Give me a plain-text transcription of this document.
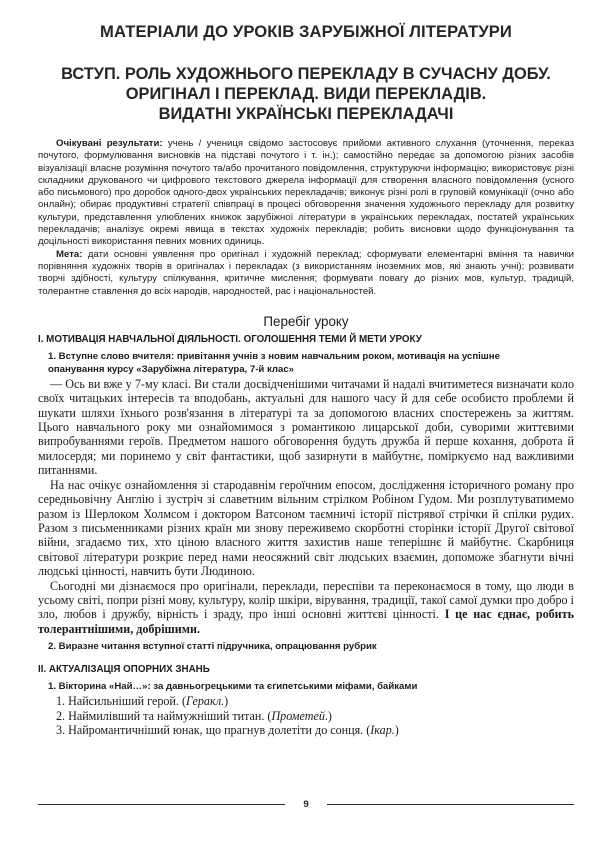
МАТЕРІАЛИ ДО УРОКІВ ЗАРУБІЖНОЇ ЛІТЕРАТУРИ
ВСТУП. РОЛЬ ХУДОЖНЬОГО ПЕРЕКЛАДУ В СУЧАСНУ ДОБУ.
ОРИГІНАЛ І ПЕРЕКЛАД. ВИДИ ПЕРЕКЛАДІВ.
ВИДАТНІ УКРАЇНСЬКІ ПЕРЕКЛАДАЧІ

Очікувані результати: учень / учениця свідомо застосовує прийоми активного слухання (уточнення, переказ почутого, формулювання висновків на підставі почутого і т. ін.); самостійно передає за допомогою різних засобів візуалізації власне розуміння почутого та/або прочитаного повідомлення, структуруючи інформацію; використовує різні складники друкованого чи цифрового текстового джерела інформації для створення власного повідомлення (усного або письмового) про доробок одного-двох українських перекладачів; виконує різні ролі в груповій комунікації (очно або онлайн); обирає продуктивні стратегії співпраці в процесі обговорення значення художнього перекладу для розвитку культури, представлення улюблених книжок зарубіжної літератури в українських перекладах, постатей українських перекладачів; аналізує окремі явища в текстах художніх перекладів; робить висновки щодо функціонування та доцільності використання певних мовних одиниць.

Мета: дати основні уявлення про оригінал і художній переклад; сформувати елементарні вміння та навички порівняння художніх творів в оригіналах і перекладах (з використанням іноземних мов, які знають учні); розвивати творчі здібності, культуру спілкування, критичне мислення; формувати повагу до різних мов, культур, традицій, толерантне ставлення до всіх народів, народностей, рас і національностей.

Перебіг уроку
I. МОТИВАЦІЯ НАВЧАЛЬНОЇ ДІЯЛЬНОСТІ. ОГОЛОШЕННЯ ТЕМИ Й МЕТИ УРОКУ
1. Вступне слово вчителя: привітання учнів з новим навчальним роком, мотивація на успішне
опанування курсу «Зарубіжна література, 7-й клас»

— Ось ви вже у 7-му класі. Ви стали досвідченішими читачами й надалі вчитиметеся визначати коло своїх читацьких інтересів та вподобань, актуальні для нашого часу й для себе особисто проблеми й шукати шляхи їхнього розв'язання в літературі та за допомогою власних спостережень за життям. Цього навчального року ми ознайомимося з романтикою лицарської доби, суворими життєвими випробуваннями героїв. Предметом нашого обговорення будуть дружба й перше кохання, доброта й милосердя; ми поринемо у світ фантастики, щоб зазирнути в майбутнє, поміркуємо над важливими питаннями.

На нас очікує ознайомлення зі стародавнім героїчним епосом, дослідження історичного роману про середньовічну Англію і зустріч зі славетним вільним стрілком Робіном Гудом. Ми розплутуватимемо разом із Шерлоком Холмсом і доктором Ватсоном таємничі історії пістрявої стрічки й спілки рудих. Разом з письменниками різних країн ми знову переживемо скорботні сторінки історії Другої світової війни, згадаємо тих, хто ціною власного життя захистив наше теперішнє й майбутнє. Скарбниця світової літератури розкриє перед нами неосяжний світ людських взаємин, допоможе збагнути вічні людські цінності, навчить бути Людиною.

Сьогодні ми дізнаємося про оригінали, переклади, переспіви та переконаємося в тому, що люди в усьому світі, попри різні мову, культуру, колір шкіри, вірування, традиції, такої самої думки про добро і зло, любов і дружбу, вірність і зраду, про інші основні життєві цінності. І це нас єднає, робить толерантнішими, добрішими.

2. Виразне читання вступної статті підручника, опрацювання рубрик
II. АКТУАЛІЗАЦІЯ ОПОРНИХ ЗНАНЬ
1. Вікторина «Най…»: за давньогрецькими та єгипетськими міфами, байками
1. Найсильніший герой. (Геракл.)
2. Наймилівший та наймужніший титан. (Прометей.)
3. Найромантичніший юнак, що прагнув долетіти до сонця. (Ікар.)
9
